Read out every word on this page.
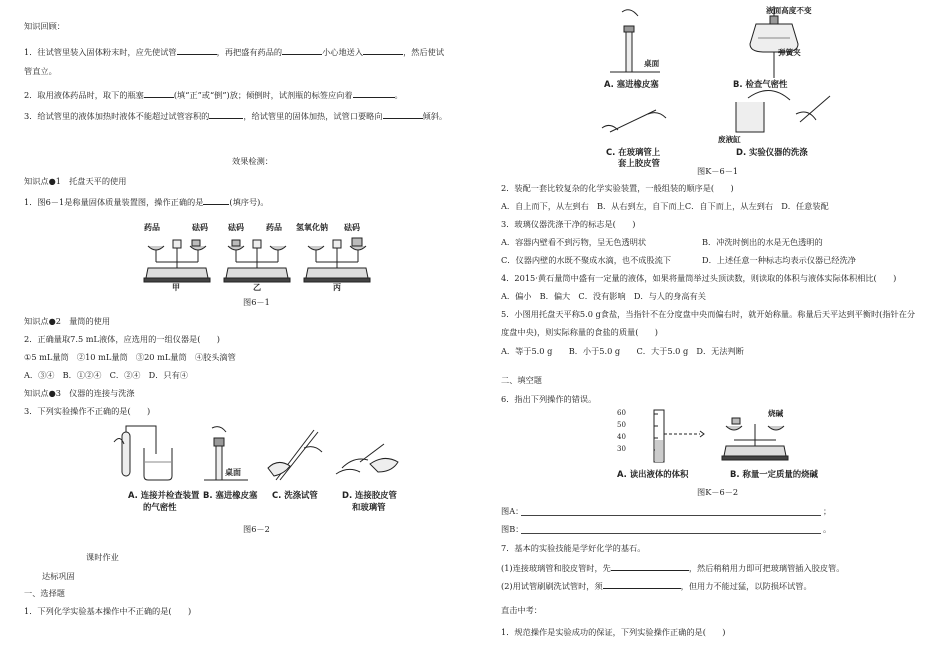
知识回顾：
1．往试管里装入固体粉末时，应先使试管	，再把盛有药品的	小心地送入	，然后使试
管直立。
2．取用液体药品时，取下的瓶塞	(填“正”或“倒”)放；倾倒时，试剂瓶的标签应向着	。
3．给试管里的液体加热时液体不能超过试管容积的	，给试管里的固体加热，试管口要略向	倾斜。
效果检测：
知识点●1　托盘天平的使用
1．图6－1是称量固体质量装置图，操作正确的是	(填序号)。
药品	砝码	砝码	药品 氢氧化钠 砝码
甲	乙	丙
图6－1
知识点●2　量筒的使用
2．正确量取7.5 mL液体，应选用的一组仪器是(　　)
①5 mL量筒　②10 mL量筒　③20 mL量筒　④胶头滴管
A．③④　B．①②④　C．②④　D．只有④
知识点●3　仪器的连接与洗涤
3．下列实验操作不正确的是(　　)
A. 连接并检查装置
的气密性
桌面
B. 塞进橡皮塞 C. 洗涤试管	D. 连接胶皮管
和玻璃管
图6－2
课时作业
达标巩固
一、选择题
1．下列化学实验基本操作中不正确的是(　　)
液面高度不变
弹簧夹
桌面
A. 塞进橡皮塞	B. 检查气密性
废液缸
C. 在玻璃管上
套上胶皮管
D. 实验仪器的洗涤
图K－6－1
2．装配一套比较复杂的化学实验装置，一般组装的顺序是(　　)
A．自上而下，从左到右　B．从右到左，自下而上C．自下而上，从左到右　D．任意装配
3．玻璃仪器洗涤干净的标志是(　　)
A．容器内壁看不到污物，呈无色透明状	B．冲洗时倒出的水是无色透明的
C．仪器内壁的水既不聚成水滴，也不成股流下	D．上述任意一种标志均表示仪器已经洗净
4．2015·黄石量筒中盛有一定量的液体，如果将量筒举过头顶读数，则读取的体积与液体实际体积相比(　　)
A．偏小　B．偏大　C．没有影响　D．与人的身高有关
5．小图用托盘天平称5.0 g食盐，当指针不在分度盘中央而偏右时，就开始称量。称量后天平达到平衡时(指针在分
度盘中央)，则实际称量的食盐的质量(　　)
A．等于5.0 g　　B．小于5.0 g　　C．大于5.0 g　D．无法判断
二、填空题
6．指出下列操作的错误。
60
50
40
30
烧碱
A. 读出液体的体积	B. 称量一定质量的烧碱
图K－6－2
图A：	；
图B：	。
7．基本的实验技能是学好化学的基石。
(1)连接玻璃管和胶皮管时，先	，然后稍稍用力即可把玻璃管插入胶皮管。
(2)用试管刷刷洗试管时，须	，但用力不能过猛，以防损坏试管。
直击中考：
1．规范操作是实验成功的保证，下列实验操作正确的是(　　)
